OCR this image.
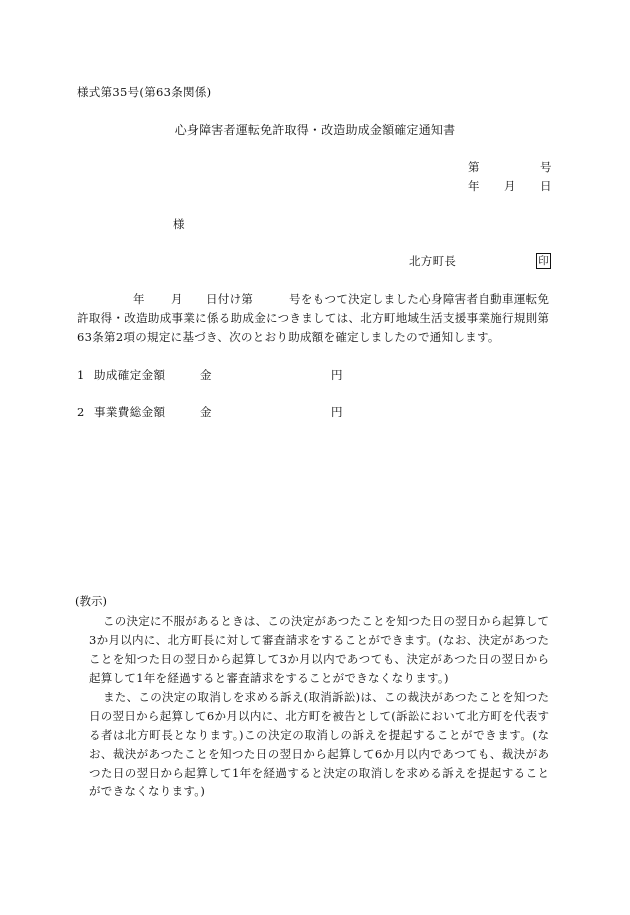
様式第35号(第63条関係)
心身障害者運転免許取得・改造助成金額確定通知書
第	号
年 月 日
様
北方町長	印
年 月 日付け第	号をもつて決定しました心身障害者自動車運転免
許取得・改造助成事業に係る助成金につきましては、北方町地域生活支援事業施行規則第
63条第2項の規定に基づき、次のとおり助成額を確定しましたので通知します。
1 助成確定金額	金	円
2 事業費総金額	金	円
(教示)
この決定に不服があるときは、この決定があつたことを知つた日の翌日から起算して
3か月以内に、北方町長に対して審査請求をすることができます。(なお、決定があつた
ことを知つた日の翌日から起算して3か月以内であつても、決定があつた日の翌日から
起算して1年を経過すると審査請求をすることができなくなります。)
また、この決定の取消しを求める訴え(取消訴訟)は、この裁決があつたことを知つた
日の翌日から起算して6か月以内に、北方町を被告として(訴訟において北方町を代表す
る者は北方町長となります。)この決定の取消しの訴えを提起することができます。(な
お、裁決があつたことを知つた日の翌日から起算して6か月以内であつても、裁決があ
つた日の翌日から起算して1年を経過すると決定の取消しを求める訴えを提起すること
ができなくなります。)
